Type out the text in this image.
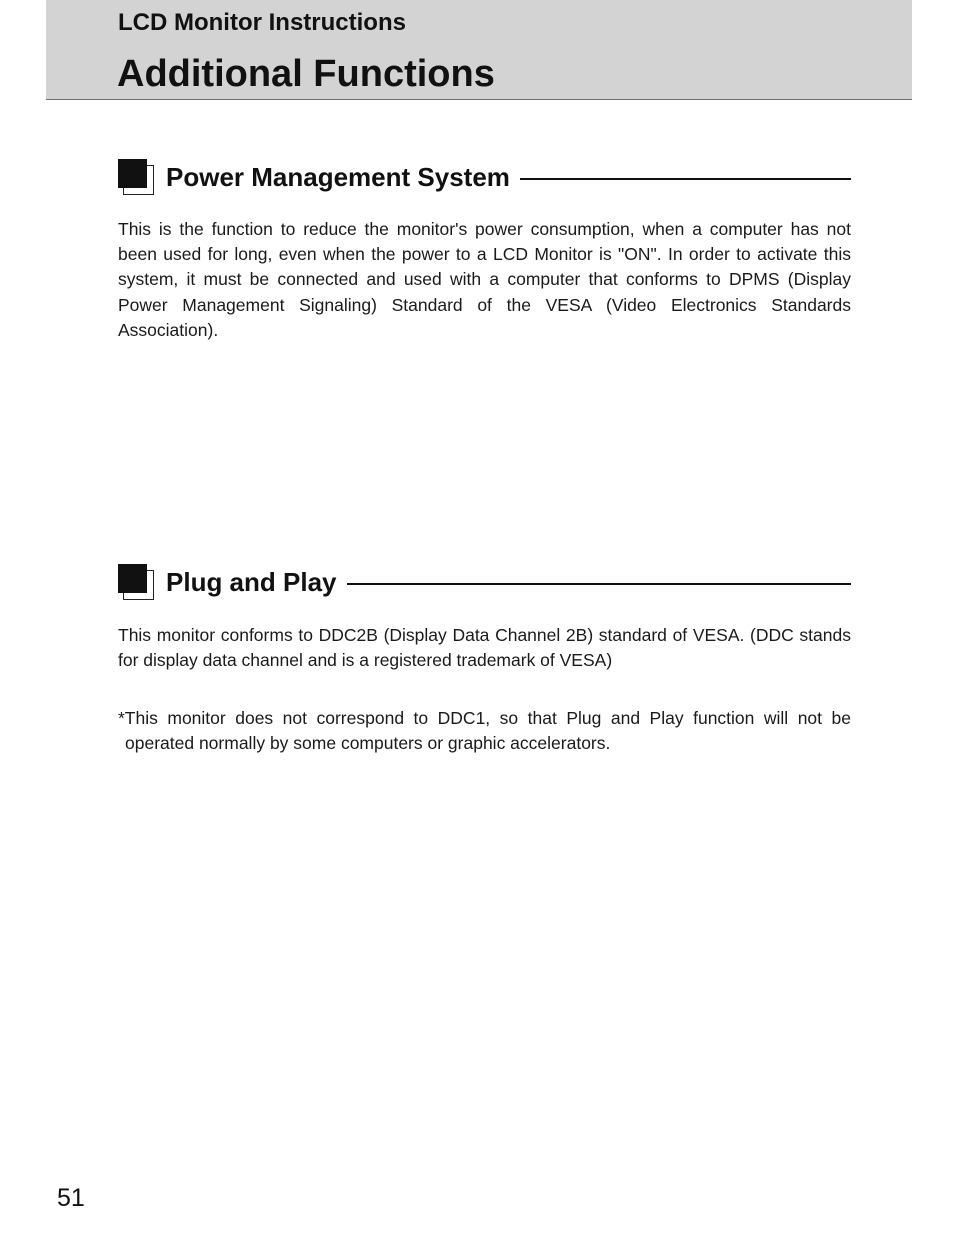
LCD Monitor Instructions
Additional Functions
Power Management System

This is the function to reduce the monitor's power consumption, when a computer has not been used for long, even when the power to a LCD Monitor is "ON". In order to activate this system, it must be connected and used with a computer that conforms to DPMS (Display Power Management Signaling) Standard of the VESA (Video Electronics Standards Association).

Plug and Play

This monitor conforms to DDC2B (Display Data Channel 2B) standard of VESA. (DDC stands for display data channel and is a registered trademark of VESA)

*This monitor does not correspond to DDC1, so that Plug and Play function will not be operated normally by some computers or graphic accelerators.

51
